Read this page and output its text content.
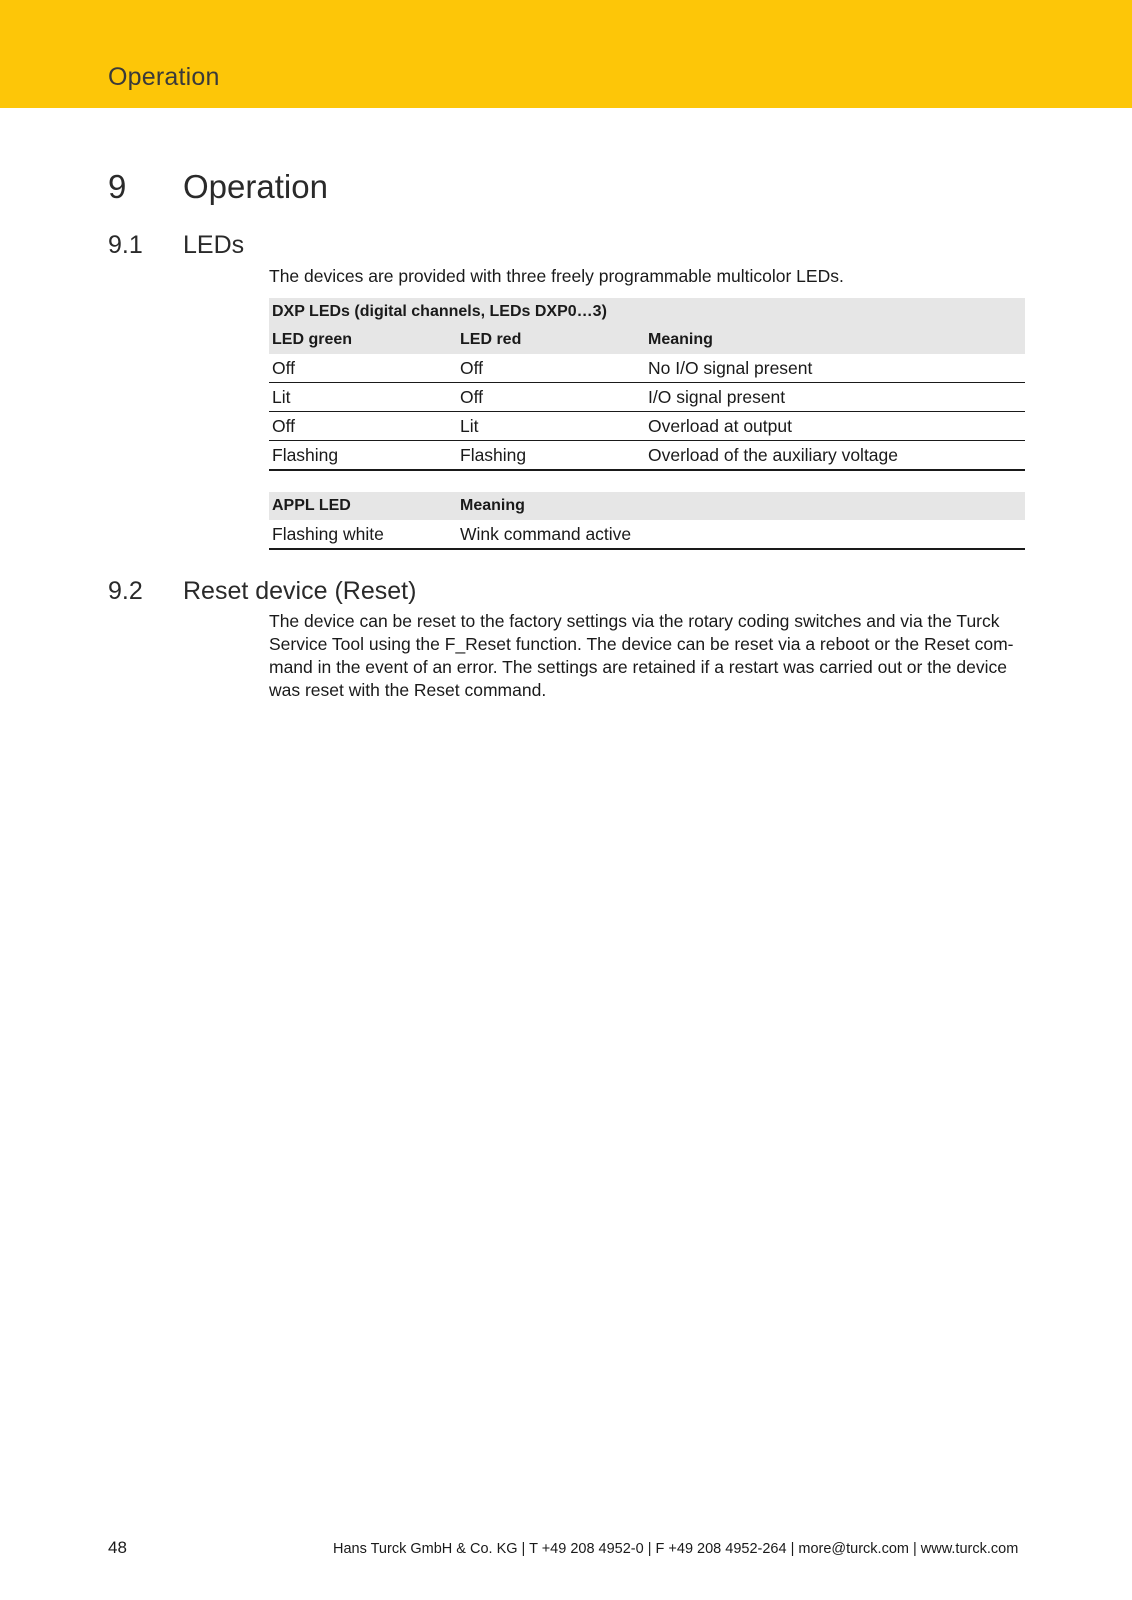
Operation
9 Operation
9.1 LEDs
The devices are provided with three freely programmable multicolor LEDs.
DXP LEDs (digital channels, LEDs DXP0…3)		
LED green	LED red	Meaning
Off	Off	No I/O signal present
Lit	Off	I/O signal present
Off	Lit	Overload at output
Flashing	Flashing	Overload of the auxiliary voltage
APPL LED	Meaning
Flashing white	Wink command active
9.2 Reset device (Reset)
The device can be reset to the factory settings via the rotary coding switches and via the Turck
Service Tool using the F_Reset function. The device can be reset via a reboot or the Reset com-
mand in the event of an error. The settings are retained if a restart was carried out or the device
was reset with the Reset command.
48	Hans Turck GmbH & Co. KG | T +49 208 4952-0 | F +49 208 4952-264 | more@turck.com | www.turck.com
